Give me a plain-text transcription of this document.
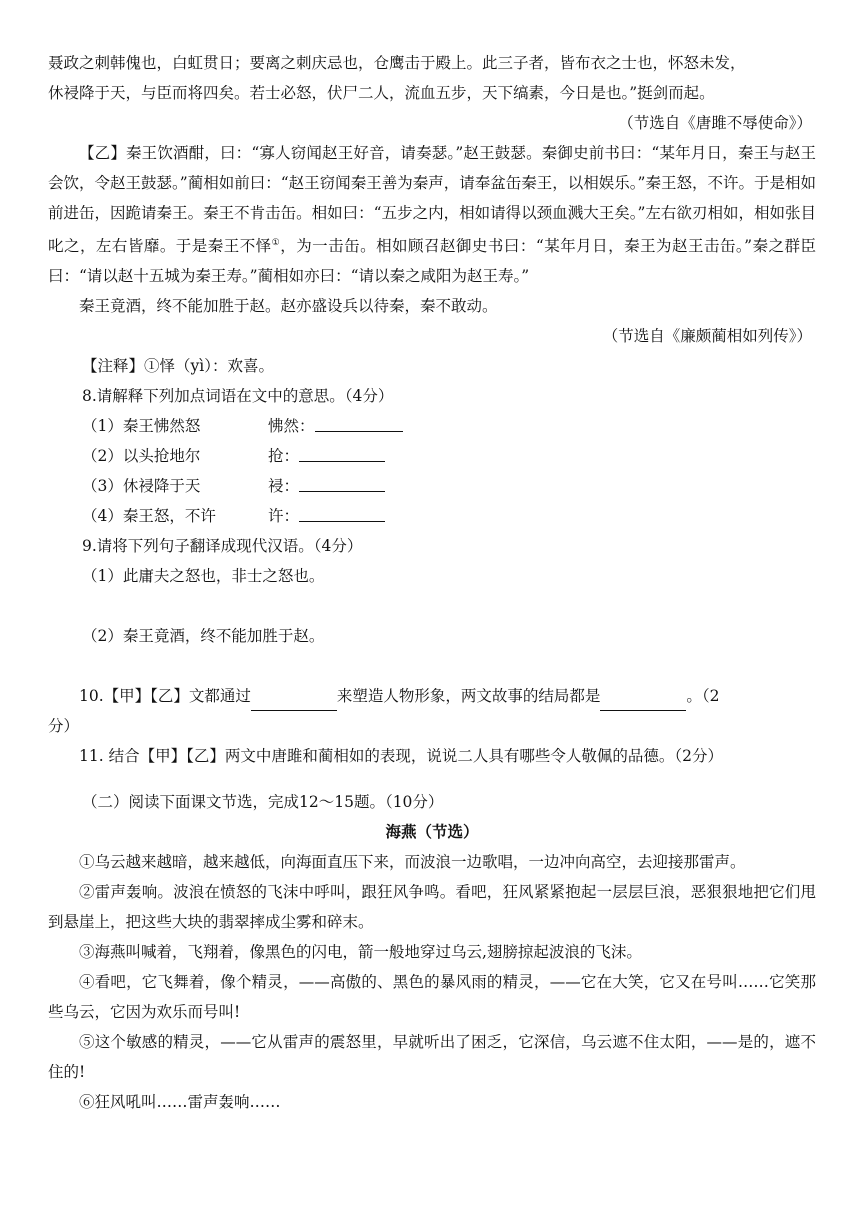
聂政之刺韩傀也，白虹贯日；要离之刺庆忌也，仓鹰击于殿上。此三子者，皆布衣之士也，怀怒未发，

休祲降于天，与臣而将四矣。若士必怒，伏尸二人，流血五步，天下缟素，今日是也。”挺剑而起。

（节选自《唐雎不辱使命》）

【乙】秦王饮酒酣，曰：“寡人窃闻赵王好音，请奏瑟。”赵王鼓瑟。秦御史前书曰：“某年月日，秦王与赵王会饮，令赵王鼓瑟。”蔺相如前曰：“赵王窃闻秦王善为秦声，请奉盆缶秦王，以相娱乐。”秦王怒，不许。于是相如前进缶，因跪请秦王。秦王不肯击缶。相如曰：“五步之内，相如请得以颈血溅大王矣。”左右欲刃相如，相如张目叱之，左右皆靡。于是秦王不怿①，为一击缶。相如顾召赵御史书曰：“某年月日，秦王为赵王击缶。”秦之群臣曰：“请以赵十五城为秦王寿。”蔺相如亦曰：“请以秦之咸阳为赵王寿。”

秦王竟酒，终不能加胜于赵。赵亦盛设兵以待秦，秦不敢动。

（节选自《廉颇蔺相如列传》）

【注释】①怿（yì）：欢喜。

8.请解释下列加点词语在文中的意思。（4分）

（1）秦王怫然怒	怫然：
（2）以头抢地尔	抢：
（3）休祲降于天	祲：
（4）秦王怒，不许	许：

9.请将下列句子翻译成现代汉语。（4分）

（1）此庸夫之怒也，非士之怒也。

（2）秦王竟酒，终不能加胜于赵。

10.【甲】【乙】文都通过	来塑造人物形象，两文故事的结局都是	。（2
分）

11. 结合【甲】【乙】两文中唐雎和蔺相如的表现，说说二人具有哪些令人敬佩的品德。（2分）

（二）阅读下面课文节选，完成12～15题。（10分）

海燕（节选）

①乌云越来越暗，越来越低，向海面直压下来，而波浪一边歌唱，一边冲向高空，去迎接那雷声。

②雷声轰响。波浪在愤怒的飞沫中呼叫，跟狂风争鸣。看吧，狂风紧紧抱起一层层巨浪，恶狠狠地把它们甩到悬崖上，把这些大块的翡翠摔成尘雾和碎末。

③海燕叫喊着，飞翔着，像黑色的闪电，箭一般地穿过乌云,翅膀掠起波浪的飞沫。

④看吧，它飞舞着，像个精灵，——高傲的、黑色的暴风雨的精灵，——它在大笑，它又在号叫……它笑那些乌云，它因为欢乐而号叫!

⑤这个敏感的精灵，——它从雷声的震怒里，早就听出了困乏，它深信，乌云遮不住太阳，——是的，遮不住的!

⑥狂风吼叫……雷声轰响……
